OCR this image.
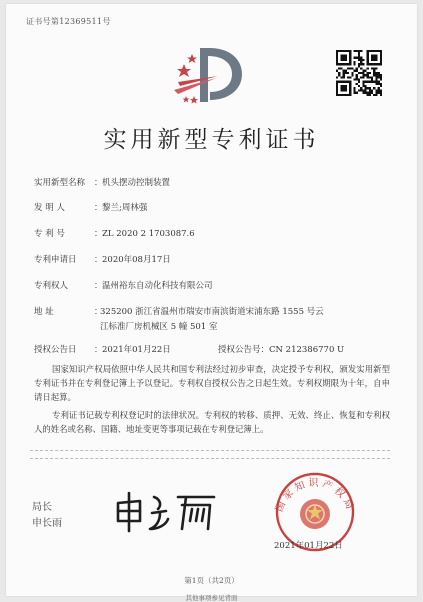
证书号第12369511号
实用新型专利证书
实用新型名称 ：机头摆动控制装置
发 明 人	：黎兰;周林强
专 利 号	：ZL 2020 2 1703087.6
专利申请日 ：2020年08月17日
专利权人	：温州裕东自动化科技有限公司
地 址	：
325200 浙江省温州市瑞安市南滨街道宋浦东路 1555 号云
江标准厂房机械区 5 幢 501 室
授权公告日 ：2021年01月22日	授权公告号：CN 212386770 U
国家知识产权局依照中华人民共和国专利法经过初步审查，决定授予专利权，颁发实用新型专利证书并在专利登记簿上予以登记。专利权自授权公告之日起生效。专利权期限为十年，自申请日起算。
专利证书记载专利权登记时的法律状况。专利权的转移、质押、无效、终止、恢复和专利权人的姓名或名称、国籍、地址变更等事项记载在专利登记簿上。
局长
申长雨
国家知识产权局
2021年01月22日
第1页（共2页）
其他事项参见背面
